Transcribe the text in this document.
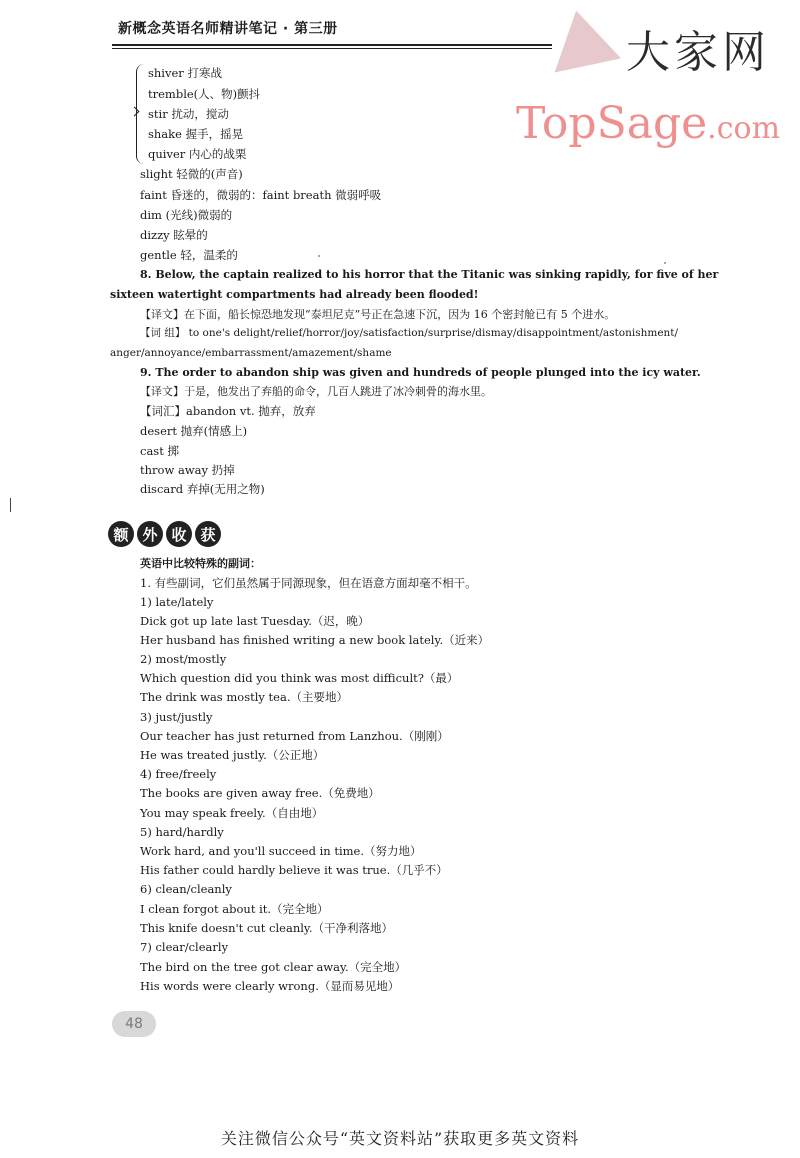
新概念英语名师精讲笔记 · 第三册	大家网
TopSage.com
shiver 打寒战
tremble(人、物)颤抖
stir 扰动，搅动
shake 握手，摇晃
quiver 内心的战栗
slight 轻微的(声音)
faint 昏迷的，微弱的：faint breath 微弱呼吸
dim (光线)微弱的
dizzy 眩晕的
gentle 轻，温柔的
8. Below, the captain realized to his horror that the Titanic was sinking rapidly, for five of her
sixteen watertight compartments had already been flooded!
【译文】在下面，船长惊恐地发现“泰坦尼克”号正在急速下沉，因为 16 个密封舱已有 5 个进水。
【词 组】 to one's delight/relief/horror/joy/satisfaction/surprise/dismay/disappointment/astonishment/
anger/annoyance/embarrassment/amazement/shame
9. The order to abandon ship was given and hundreds of people plunged into the icy water.
【译文】于是，他发出了弃船的命令，几百人跳进了冰冷刺骨的海水里。
【词汇】abandon vt. 抛弃，放弃
desert 抛弃(情感上)
cast 掷
throw away 扔掉
discard 弃掉(无用之物)
额 外 收 获
英语中比较特殊的副词：
1. 有些副词，它们虽然属于同源现象，但在语意方面却毫不相干。
1) late/lately
Dick got up late last Tuesday.（迟，晚）
Her husband has finished writing a new book lately.（近来）
2) most/mostly
Which question did you think was most difficult?（最）
The drink was mostly tea.（主要地）
3) just/justly
Our teacher has just returned from Lanzhou.（刚刚）
He was treated justly.（公正地）
4) free/freely
The books are given away free.（免费地）
You may speak freely.（自由地）
5) hard/hardly
Work hard, and you'll succeed in time.（努力地）
His father could hardly believe it was true.（几乎不）
6) clean/cleanly
I clean forgot about it.（完全地）
This knife doesn't cut cleanly.（干净利落地）
7) clear/clearly
The bird on the tree got clear away.（完全地）
His words were clearly wrong.（显而易见地）
48
关注微信公众号“英文资料站”获取更多英文资料
